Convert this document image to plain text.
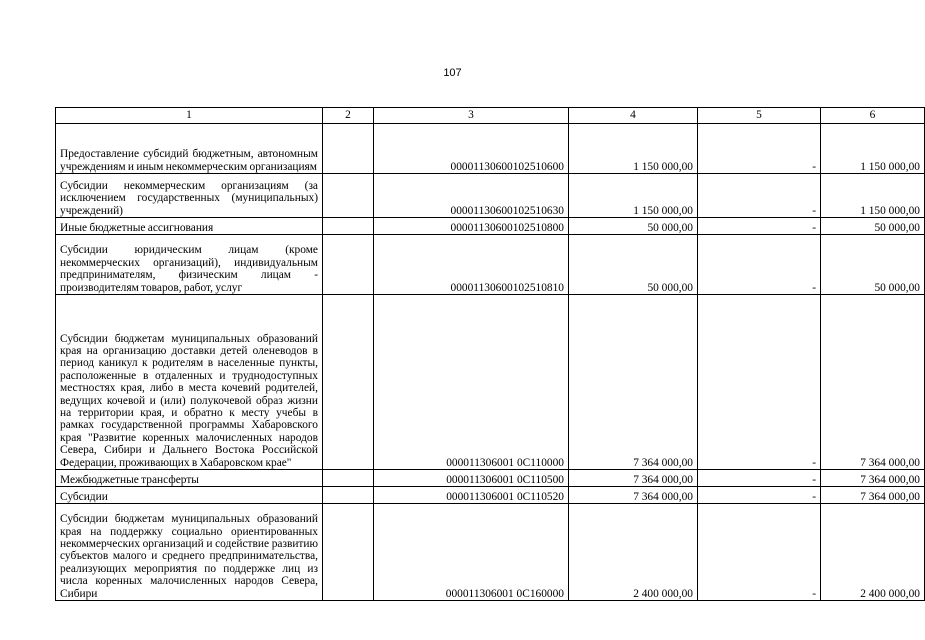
107
1	2	3	4	5	6
Предоставление субсидий бюджетным, автономным учреждениям и иным некоммерческим организациям		00001130600102510600	1 150 000,00	-	1 150 000,00
Субсидии некоммерческим организациям (за исключением государственных (муниципальных) учреждений)		00001130600102510630	1 150 000,00	-	1 150 000,00
Иные бюджетные ассигнования		00001130600102510800	50 000,00	-	50 000,00
Субсидии юридическим лицам (кроме некоммерческих организаций), индивидуальным предпринимателям, физическим лицам - производителям товаров, работ, услуг		00001130600102510810	50 000,00	-	50 000,00
Субсидии бюджетам муниципальных образований края на организацию доставки детей оленеводов в период каникул к родителям в населенные пункты, расположенные в отдаленных и труднодоступных местностях края, либо в места кочевий родителей, ведущих кочевой и (или) полукочевой образ жизни на территории края, и обратно к месту учебы в рамках государственной программы Хабаровского края "Развитие коренных малочисленных народов Севера, Сибири и Дальнего Востока Российской Федерации, проживающих в Хабаровском крае"		000011306001 0С110000	7 364 000,00	-	7 364 000,00
Межбюджетные трансферты		000011306001 0С110500	7 364 000,00	-	7 364 000,00
Субсидии		000011306001 0С110520	7 364 000,00	-	7 364 000,00
Субсидии бюджетам муниципальных образований края на поддержку социально ориентированных некоммерческих организаций и содействие развитию субъектов малого и среднего предпринимательства, реализующих мероприятия по поддержке лиц из числа коренных малочисленных народов Севера, Сибири		000011306001 0С160000	2 400 000,00	-	2 400 000,00
